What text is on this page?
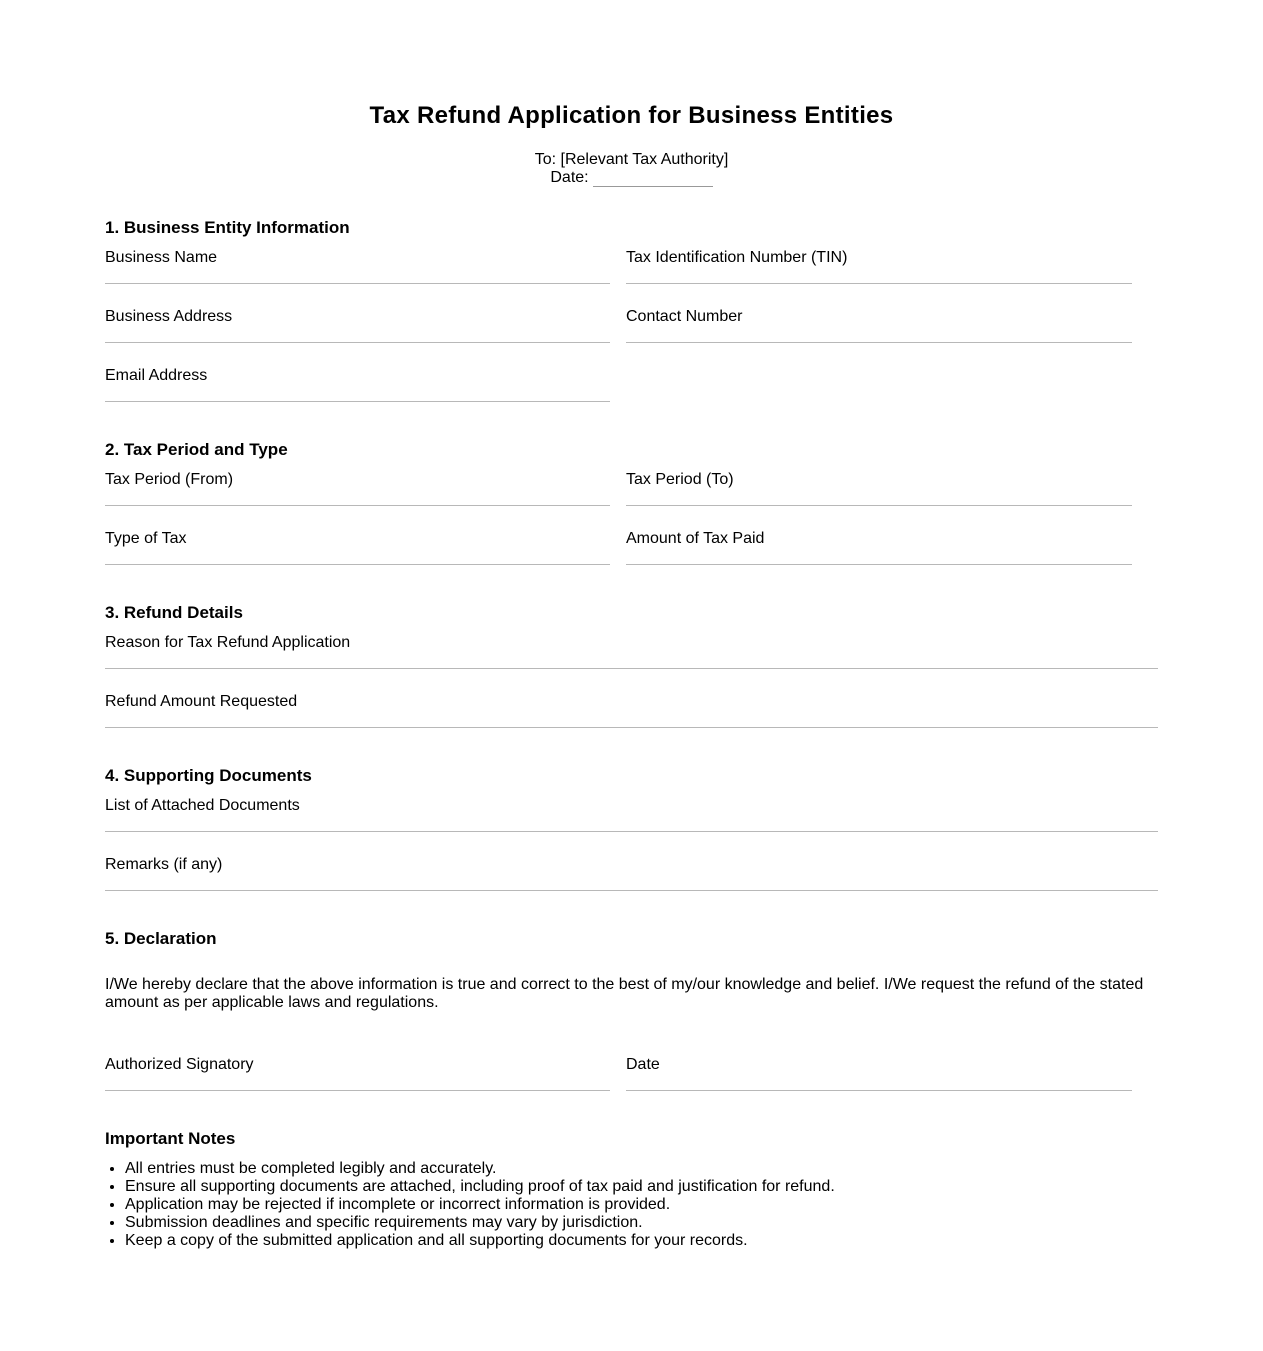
Tax Refund Application for Business Entities
To: [Relevant Tax Authority]
Date:
1. Business Entity Information
Business Name	Tax Identification Number (TIN)
Business Address	Contact Number
Email Address
2. Tax Period and Type
Tax Period (From)	Tax Period (To)
Type of Tax	Amount of Tax Paid
3. Refund Details
Reason for Tax Refund Application
Refund Amount Requested
4. Supporting Documents
List of Attached Documents
Remarks (if any)
5. Declaration

I/We hereby declare that the above information is true and correct to the best of my/our knowledge and belief. I/We request the refund of the stated amount as per applicable laws and regulations.

Authorized Signatory	Date
Important Notes
• All entries must be completed legibly and accurately.
• Ensure all supporting documents are attached, including proof of tax paid and justification for refund.
• Application may be rejected if incomplete or incorrect information is provided.
• Submission deadlines and specific requirements may vary by jurisdiction.
• Keep a copy of the submitted application and all supporting documents for your records.
